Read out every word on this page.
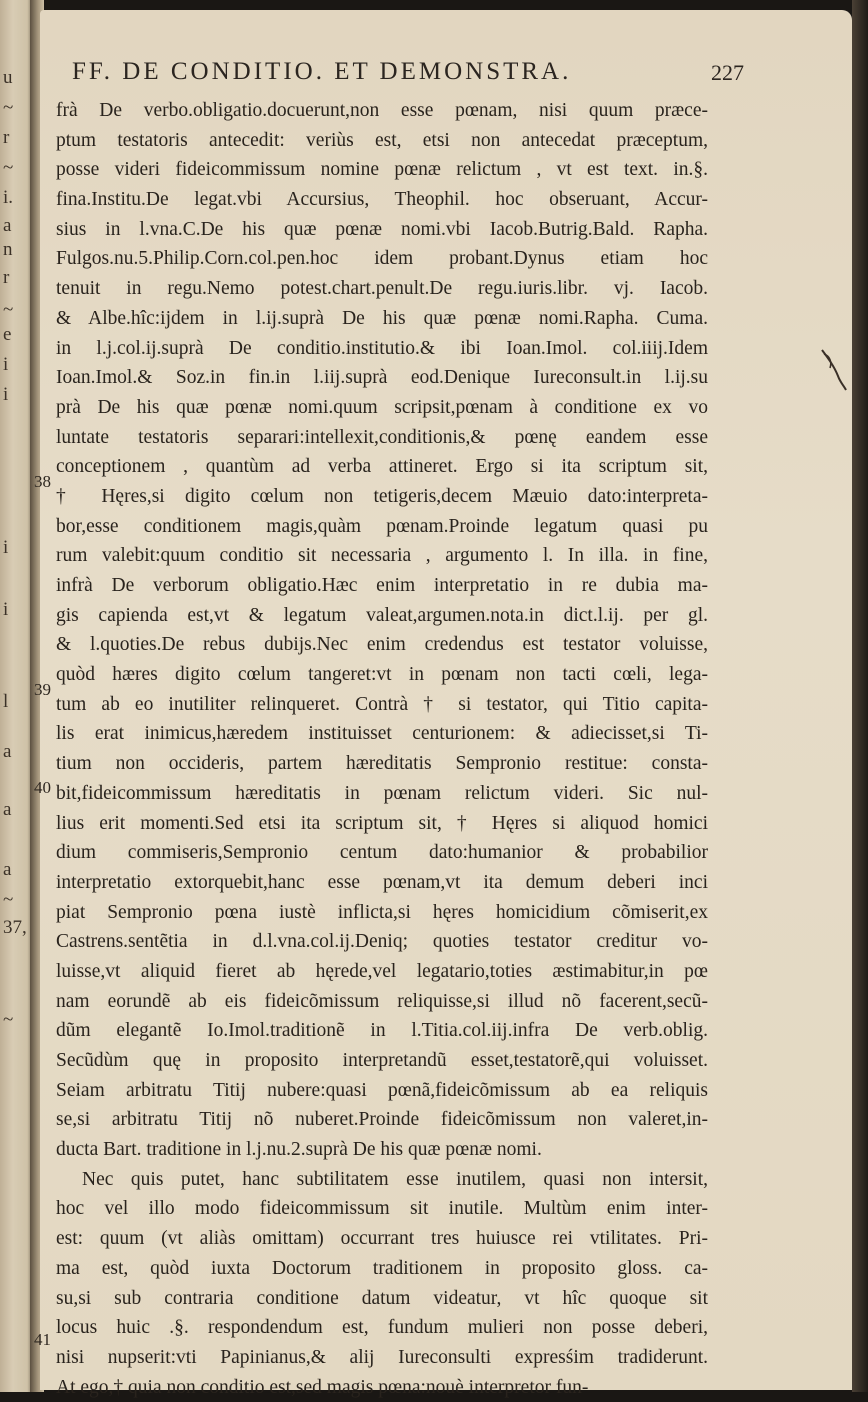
u
~
r
~
i.
a
n
r
~
e
i
i
i
i
l
a
a
a
~
37,
~
FF. DE CONDITIO. ET DEMONSTRA.	227
frà De verbo.obligatio.docuerunt,non esse pœnam, nisi quum præce-
ptum testatoris antecedit: veriùs est, etsi non antecedat præceptum,
posse videri fideicommissum nomine pœnæ relictum , vt est text. in.§.
fina.Institu.De legat.vbi Accursius, Theophil. hoc obseruant, Accur-
sius in l.vna.C.De his quæ pœnæ nomi.vbi Iacob.Butrig.Bald. Rapha.
Fulgos.nu.5.Philip.Corn.col.pen.hoc idem probant.Dynus etiam hoc
tenuit in regu.Nemo potest.chart.penult.De regu.iuris.libr. vj. Iacob.
& Albe.hîc:ijdem in l.ij.suprà De his quæ pœnæ nomi.Rapha. Cuma.
in l.j.col.ij.suprà De conditio.institutio.& ibi Ioan.Imol. col.iiij.Idem
Ioan.Imol.& Soz.in fin.in l.iij.suprà eod.Denique Iureconsult.in l.ij.su
prà De his quæ pœnæ nomi.quum scripsit,pœnam à conditione ex vo
luntate testatoris separari:intellexit,conditionis,& pœnę eandem esse
conceptionem , quantùm ad verba attineret. Ergo si ita scriptum sit,
† Hęres,si digito cœlum non tetigeris,decem Mæuio dato:interpreta-
bor,esse conditionem magis,quàm pœnam.Proinde legatum quasi pu
rum valebit:quum conditio sit necessaria , argumento l. In illa. in fine,
infrà De verborum obligatio.Hæc enim interpretatio in re dubia ma-
gis capienda est,vt & legatum valeat,argumen.nota.in dict.l.ij. per gl.
& l.quoties.De rebus dubijs.Nec enim credendus est testator voluisse,
quòd hæres digito cœlum tangeret:vt in pœnam non tacti cœli, lega-
tum ab eo inutiliter relinqueret. Contrà † si testator, qui Titio capita-
lis erat inimicus,hæredem instituisset centurionem: & adiecisset,si Ti-
tium non occideris, partem hæreditatis Sempronio restitue: consta-
bit,fideicommissum hæreditatis in pœnam relictum videri. Sic nul-
lius erit momenti.Sed etsi ita scriptum sit, † Hęres si aliquod homici
dium commiseris,Sempronio centum dato:humanior & probabilior
interpretatio extorquebit,hanc esse pœnam,vt ita demum deberi inci
piat Sempronio pœna iustè inflicta,si hęres homicidium cõmiserit,ex
Castrens.sentẽtia in d.l.vna.col.ij.Deniq; quoties testator creditur vo-
luisse,vt aliquid fieret ab hęrede,vel legatario,toties æstimabitur,in pœ
nam eorundẽ ab eis fideicõmissum reliquisse,si illud nõ facerent,secũ-
dũm elegantẽ Io.Imol.traditionẽ in l.Titia.col.iij.infra De verb.oblig.
Secũdùm quę in proposito interpretandũ esset,testatorẽ,qui voluisset.
Seiam arbitratu Titij nubere:quasi pœnã,fideicõmissum ab ea reliquis
se,si arbitratu Titij nõ nuberet.Proinde fideicõmissum non valeret,in-
ducta Bart. traditione in l.j.nu.2.suprà De his quæ pœnæ nomi.
Nec quis putet, hanc subtilitatem esse inutilem, quasi non intersit,
hoc vel illo modo fideicommissum sit inutile. Multùm enim inter-
est: quum (vt aliàs omittam) occurrant tres huiusce rei vtilitates. Pri-
ma est, quòd iuxta Doctorum traditionem in proposito gloss. ca-
su,si sub contraria conditione datum videatur, vt hîc quoque sit
locus huic .§. respondendum est, fundum mulieri non posse deberi,
nisi nupserit:vti Papinianus,& alij Iureconsulti expresśim tradiderunt.
At ego,† quia non conditio est,sed magis pœna:nouè interpretor fun-
38
39
40
41
